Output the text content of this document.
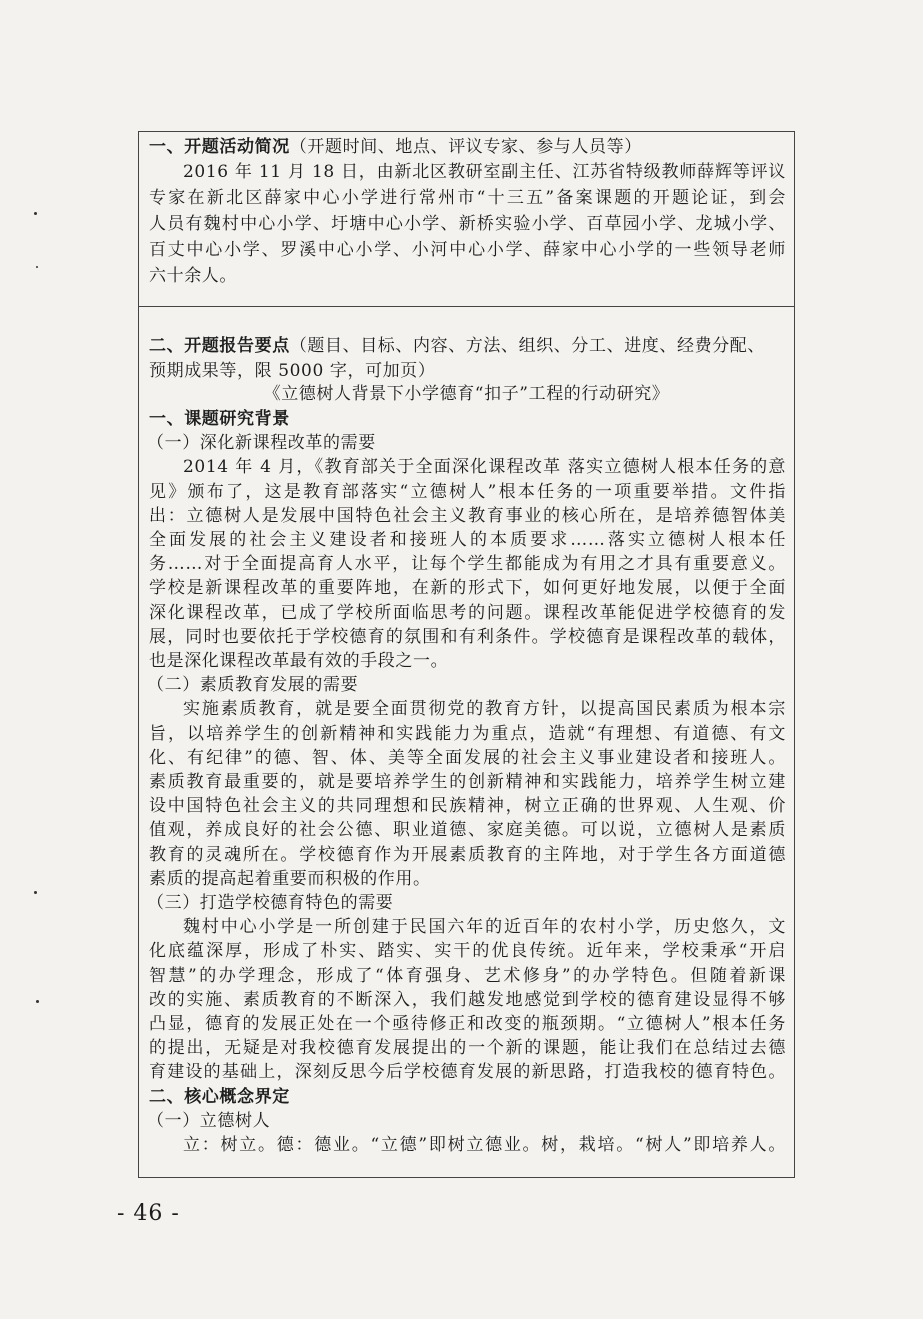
一、开题活动简况（开题时间、地点、评议专家、参与人员等）
2016 年 11 月 18 日，由新北区教研室副主任、江苏省特级教师薛辉等评议
专家在新北区薛家中心小学进行常州市“十三五”备案课题的开题论证，到会
人员有魏村中心小学、圩塘中心小学、新桥实验小学、百草园小学、龙城小学、
百丈中心小学、罗溪中心小学、小河中心小学、薛家中心小学的一些领导老师
六十余人。
二、开题报告要点（题目、目标、内容、方法、组织、分工、进度、经费分配、
预期成果等，限 5000 字，可加页）
《立德树人背景下小学德育“扣子”工程的行动研究》
一、课题研究背景
（一）深化新课程改革的需要
2014 年 4 月，《教育部关于全面深化课程改革 落实立德树人根本任务的意
见》颁布了，这是教育部落实“立德树人”根本任务的一项重要举措。文件指
出：立德树人是发展中国特色社会主义教育事业的核心所在，是培养德智体美
全面发展的社会主义建设者和接班人的本质要求……落实立德树人根本任
务……对于全面提高育人水平，让每个学生都能成为有用之才具有重要意义。
学校是新课程改革的重要阵地，在新的形式下，如何更好地发展，以便于全面
深化课程改革，已成了学校所面临思考的问题。课程改革能促进学校德育的发
展，同时也要依托于学校德育的氛围和有利条件。学校德育是课程改革的载体，
也是深化课程改革最有效的手段之一。
（二）素质教育发展的需要
实施素质教育，就是要全面贯彻党的教育方针，以提高国民素质为根本宗
旨，以培养学生的创新精神和实践能力为重点，造就“有理想、有道德、有文
化、有纪律”的德、智、体、美等全面发展的社会主义事业建设者和接班人。
素质教育最重要的，就是要培养学生的创新精神和实践能力，培养学生树立建
设中国特色社会主义的共同理想和民族精神，树立正确的世界观、人生观、价
值观，养成良好的社会公德、职业道德、家庭美德。可以说，立德树人是素质
教育的灵魂所在。学校德育作为开展素质教育的主阵地，对于学生各方面道德
素质的提高起着重要而积极的作用。
（三）打造学校德育特色的需要
魏村中心小学是一所创建于民国六年的近百年的农村小学，历史悠久，文
化底蕴深厚，形成了朴实、踏实、实干的优良传统。近年来，学校秉承“开启
智慧”的办学理念，形成了“体育强身、艺术修身”的办学特色。但随着新课
改的实施、素质教育的不断深入，我们越发地感觉到学校的德育建设显得不够
凸显，德育的发展正处在一个亟待修正和改变的瓶颈期。“立德树人”根本任务
的提出，无疑是对我校德育发展提出的一个新的课题，能让我们在总结过去德
育建设的基础上，深刻反思今后学校德育发展的新思路，打造我校的德育特色。
二、核心概念界定
（一）立德树人
立：树立。德：德业。“立德”即树立德业。树，栽培。“树人”即培养人。
- 46 -
